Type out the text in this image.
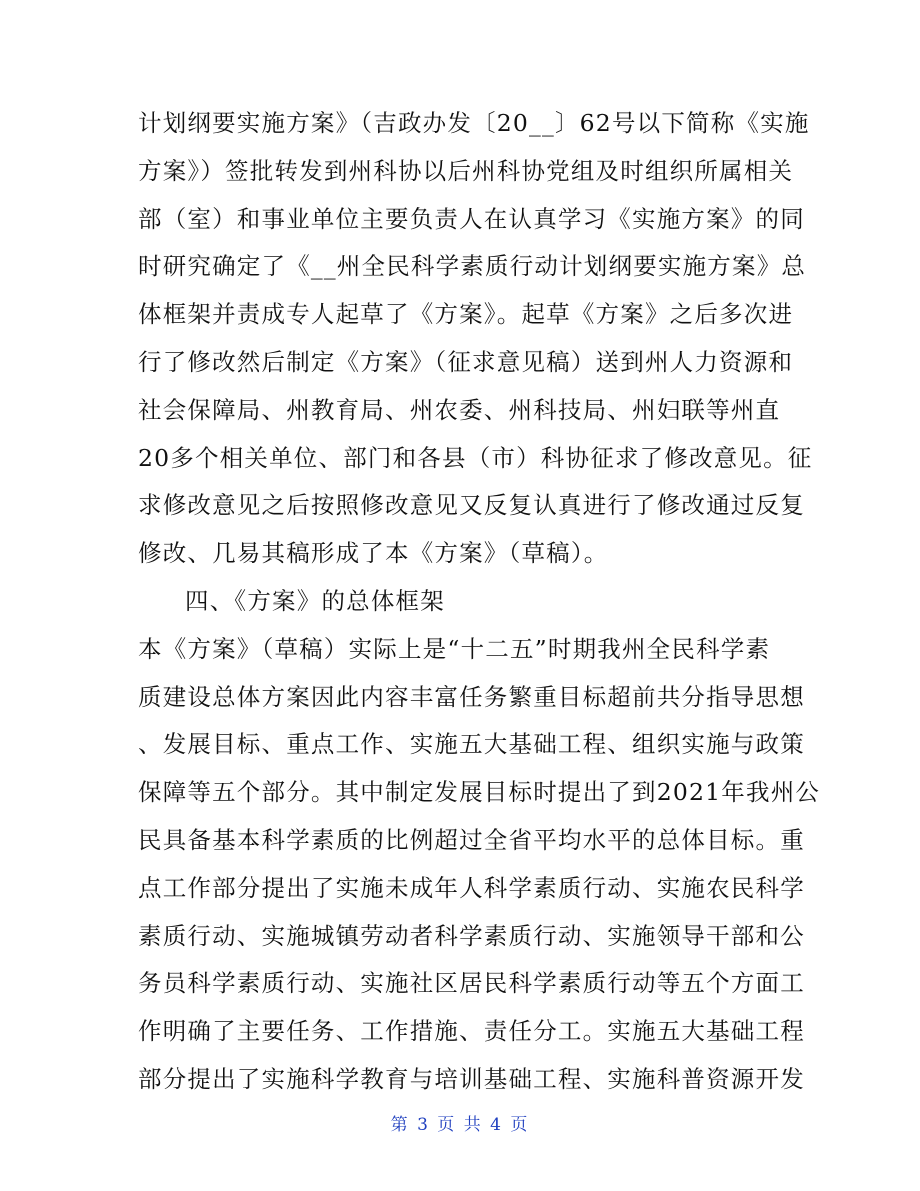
计划纲要实施方案》（吉政办发〔20__〕62号以下简称《实施
方案》）签批转发到州科协以后州科协党组及时组织所属相关
部（室）和事业单位主要负责人在认真学习《实施方案》的同
时研究确定了《__州全民科学素质行动计划纲要实施方案》总
体框架并责成专人起草了《方案》。起草《方案》之后多次进
行了修改然后制定《方案》（征求意见稿）送到州人力资源和
社会保障局、州教育局、州农委、州科技局、州妇联等州直
20多个相关单位、部门和各县（市）科协征求了修改意见。征
求修改意见之后按照修改意见又反复认真进行了修改通过反复
修改、几易其稿形成了本《方案》（草稿）。
四、《方案》的总体框架
本《方案》（草稿）实际上是“十二五”时期我州全民科学素
质建设总体方案因此内容丰富任务繁重目标超前共分指导思想
、发展目标、重点工作、实施五大基础工程、组织实施与政策
保障等五个部分。其中制定发展目标时提出了到2021年我州公
民具备基本科学素质的比例超过全省平均水平的总体目标。重
点工作部分提出了实施未成年人科学素质行动、实施农民科学
素质行动、实施城镇劳动者科学素质行动、实施领导干部和公
务员科学素质行动、实施社区居民科学素质行动等五个方面工
作明确了主要任务、工作措施、责任分工。实施五大基础工程
部分提出了实施科学教育与培训基础工程、实施科普资源开发
第 3 页 共 4 页
